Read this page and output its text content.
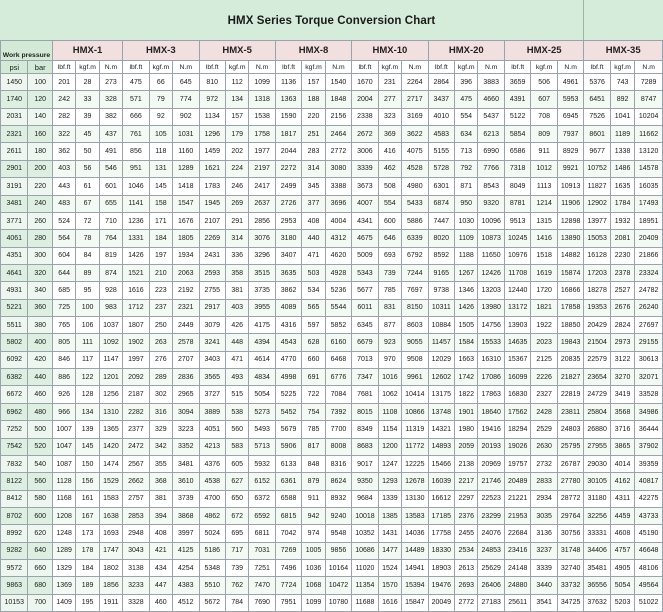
HMX Series Torque Conversion Chart
Work pressure		HMX-1			HMX-3			HMX-5			HMX-8			HMX-10			HMX-20			HMX-25			HMX-35		
psi	bar	lbf.ft	kgf.m	N.m	lbf.ft	kgf.m	N.m	lbf.ft	kgf.m	N.m	lbf.ft	kgf.m	N.m	lbf.ft	kgf.m	N.m	lbf.ft	kgf.m	N.m	lbf.ft	kgf.m	N.m	lbf.ft	kgf.m	N.m
1450	100	201	28	273	475	66	645	810	112	1099	1136	157	1540	1670	231	2264	2864	396	3883	3659	506	4961	5376	743	7289
1740	120	242	33	328	571	79	774	972	134	1318	1363	188	1848	2004	277	2717	3437	475	4660	4391	607	5953	6451	892	8747
2031	140	282	39	382	666	92	902	1134	157	1538	1590	220	2156	2338	323	3169	4010	554	5437	5122	708	6945	7526	1041	10204
2321	160	322	45	437	761	105	1031	1296	179	1758	1817	251	2464	2672	369	3622	4583	634	6213	5854	809	7937	8601	1189	11662
2611	180	362	50	491	856	118	1160	1459	202	1977	2044	283	2772	3006	416	4075	5155	713	6990	6586	911	8929	9677	1338	13120
2901	200	403	56	546	951	131	1289	1621	224	2197	2272	314	3080	3339	462	4528	5728	792	7766	7318	1012	9921	10752	1486	14578
3191	220	443	61	601	1046	145	1418	1783	246	2417	2499	345	3388	3673	508	4980	6301	871	8543	8049	1113	10913	11827	1635	16035
3481	240	483	67	655	1141	158	1547	1945	269	2637	2726	377	3696	4007	554	5433	6874	950	9320	8781	1214	11906	12902	1784	17493
3771	260	524	72	710	1236	171	1676	2107	291	2856	2953	408	4004	4341	600	5886	7447	1030	10096	9513	1315	12898	13977	1932	18951
4061	280	564	78	764	1331	184	1805	2269	314	3076	3180	440	4312	4675	646	6339	8020	1109	10873	10245	1416	13890	15053	2081	20409
4351	300	604	84	819	1426	197	1934	2431	336	3296	3407	471	4620	5009	693	6792	8592	1188	11650	10976	1518	14882	16128	2230	21866
4641	320	644	89	874	1521	210	2063	2593	358	3515	3635	503	4928	5343	739	7244	9165	1267	12426	11708	1619	15874	17203	2378	23324
4931	340	685	95	928	1616	223	2192	2755	381	3735	3862	534	5236	5677	785	7697	9738	1346	13203	12440	1720	16866	18278	2527	24782
5221	360	725	100	983	1712	237	2321	2917	403	3955	4089	565	5544	6011	831	8150	10311	1426	13980	13172	1821	17858	19353	2676	26240
5511	380	765	106	1037	1807	250	2449	3079	426	4175	4316	597	5852	6345	877	8603	10884	1505	14756	13903	1922	18850	20429	2824	27697
5802	400	805	111	1092	1902	263	2578	3241	448	4394	4543	628	6160	6679	923	9055	11457	1584	15533	14635	2023	19843	21504	2973	29155
6092	420	846	117	1147	1997	276	2707	3403	471	4614	4770	660	6468	7013	970	9508	12029	1663	16310	15367	2125	20835	22579	3122	30613
6382	440	886	122	1201	2092	289	2836	3565	493	4834	4998	691	6776	7347	1016	9961	12602	1742	17086	16099	2226	21827	23654	3270	32071
6672	460	926	128	1256	2187	302	2965	3727	515	5054	5225	722	7084	7681	1062	10414	13175	1822	17863	16830	2327	22819	24729	3419	33528
6962	480	966	134	1310	2282	316	3094	3889	538	5273	5452	754	7392	8015	1108	10866	13748	1901	18640	17562	2428	23811	25804	3568	34986
7252	500	1007	139	1365	2377	329	3223	4051	560	5493	5679	785	7700	8349	1154	11319	14321	1980	19416	18294	2529	24803	26880	3716	36444
7542	520	1047	145	1420	2472	342	3352	4213	583	5713	5906	817	8008	8683	1200	11772	14893	2059	20193	19026	2630	25795	27955	3865	37902
7832	540	1087	150	1474	2567	355	3481	4376	605	5932	6133	848	8316	9017	1247	12225	15466	2138	20969	19757	2732	26787	29030	4014	39359
8122	560	1128	156	1529	2662	368	3610	4538	627	6152	6361	879	8624	9350	1293	12678	16039	2217	21746	20489	2833	27780	30105	4162	40817
8412	580	1168	161	1583	2757	381	3739	4700	650	6372	6588	911	8932	9684	1339	13130	16612	2297	22523	21221	2934	28772	31180	4311	42275
8702	600	1208	167	1638	2853	394	3868	4862	672	6592	6815	942	9240	10018	1385	13583	17185	2376	23299	21953	3035	29764	32256	4459	43733
8992	620	1248	173	1693	2948	408	3997	5024	695	6811	7042	974	9548	10352	1431	14036	17758	2455	24076	22684	3136	30756	33331	4608	45190
9282	640	1289	178	1747	3043	421	4125	5186	717	7031	7269	1005	9856	10686	1477	14489	18330	2534	24853	23416	3237	31748	34406	4757	46648
9572	660	1329	184	1802	3138	434	4254	5348	739	7251	7496	1036	10164	11020	1524	14941	18903	2613	25629	24148	3339	32740	35481	4905	48106
9863	680	1369	189	1856	3233	447	4383	5510	762	7470	7724	1068	10472	11354	1570	15394	19476	2693	26406	24880	3440	33732	36556	5054	49564
10153	700	1409	195	1911	3328	460	4512	5672	784	7690	7951	1099	10780	11688	1616	15847	20049	2772	27183	25611	3541	34725	37632	5203	51022
